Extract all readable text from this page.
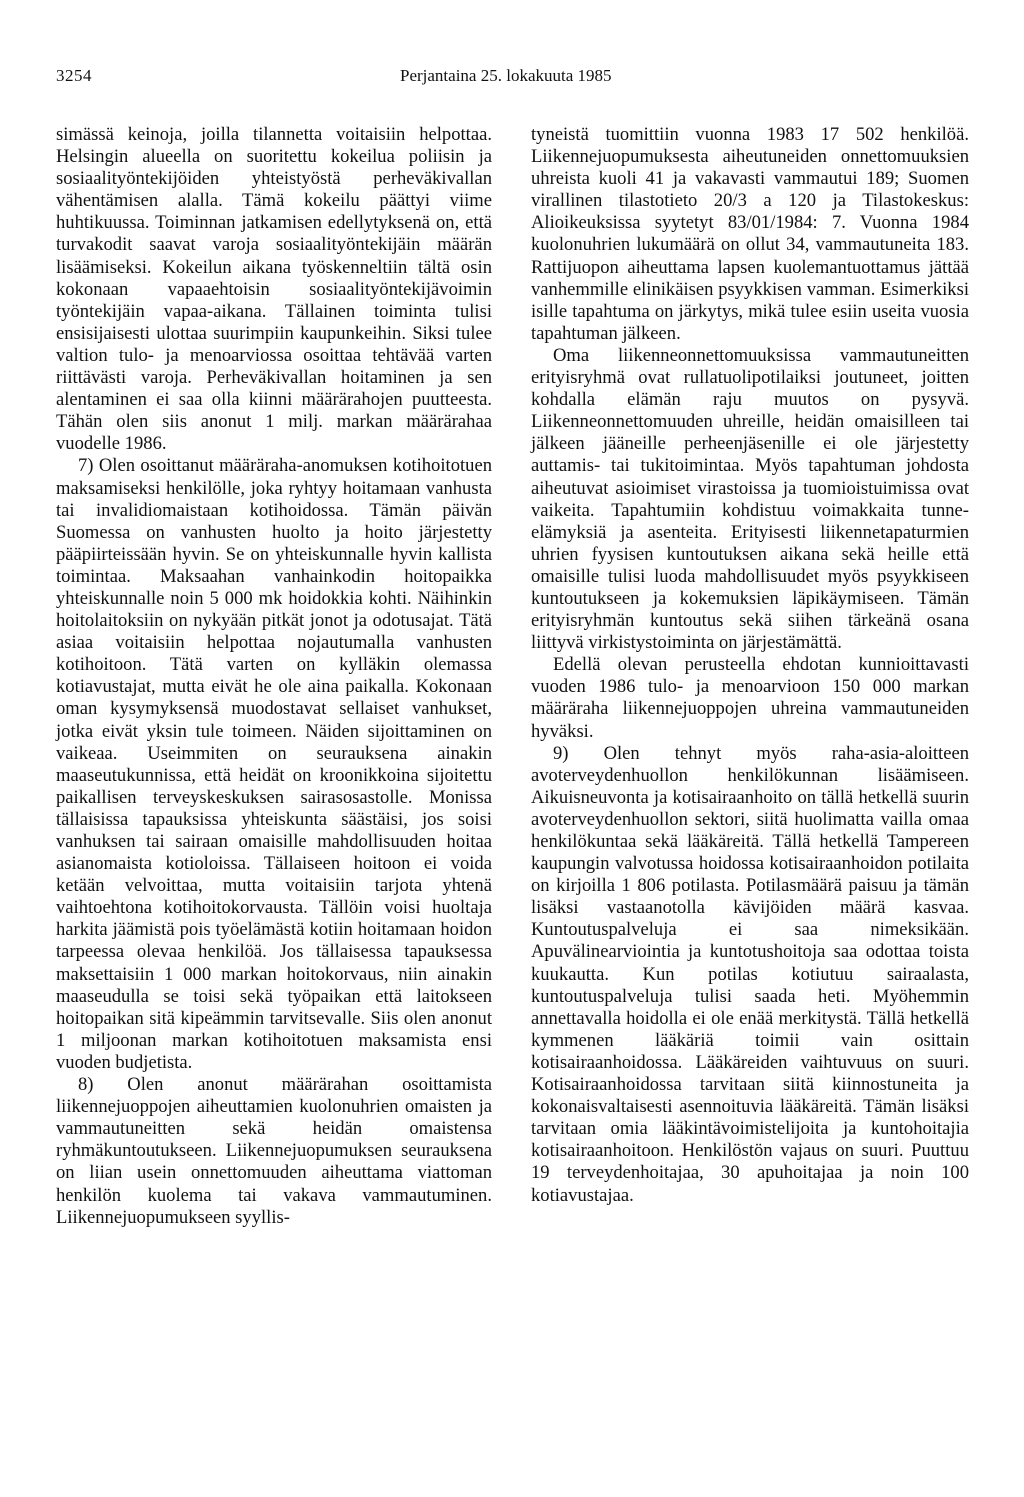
3254	Perjantaina 25. lokakuuta 1985

simässä keinoja, joilla tilannetta voitaisiin helpottaa. Helsingin alueella on suoritettu kokeilua poliisin ja sosiaalityöntekijöiden yhteistyöstä perheväkivallan vähentämisen alalla. Tämä kokeilu päättyi viime huhtikuussa. Toiminnan jatkamisen edellytyksenä on, että turvakodit saavat varoja sosiaalityöntekijäin määrän lisäämiseksi. Kokeilun aikana työskenneltiin tältä osin kokonaan vapaaehtoisin sosiaalityöntekijävoimin työntekijäin vapaa-aikana. Tällainen toiminta tulisi ensisijaisesti ulottaa suurimpiin kaupunkeihin. Siksi tulee valtion tulo- ja menoarviossa osoittaa tehtävää varten riittävästi varoja. Perheväkivallan hoitaminen ja sen alentaminen ei saa olla kiinni määrärahojen puutteesta. Tähän olen siis anonut 1 milj. markan määrärahaa vuodelle 1986.

7) Olen osoittanut määräraha-anomuksen kotihoitotuen maksamiseksi henkilölle, joka ryhtyy hoitamaan vanhusta tai invalidiomaistaan kotihoidossa. Tämän päivän Suomessa on vanhusten huolto ja hoito järjestetty pääpiirteissään hyvin. Se on yhteiskunnalle hyvin kallista toimintaa. Maksaahan vanhainkodin hoitopaikka yhteiskunnalle noin 5 000 mk hoidokkia kohti. Näihinkin hoitolaitoksiin on nykyään pitkät jonot ja odotusajat. Tätä asiaa voitaisiin helpottaa nojautumalla vanhusten kotihoitoon. Tätä varten on kylläkin olemassa kotiavustajat, mutta eivät he ole aina paikalla. Kokonaan oman kysymyksensä muodostavat sellaiset vanhukset, jotka eivät yksin tule toimeen. Näiden sijoittaminen on vaikeaa. Useimmiten on seurauksena ainakin maaseutukunnissa, että heidät on kroonikkoina sijoitettu paikallisen terveyskeskuksen sairasosastolle. Monissa tällaisissa tapauksissa yhteiskunta säästäisi, jos soisi vanhuksen tai sairaan omaisille mahdollisuuden hoitaa asianomaista kotioloissa. Tällaiseen hoitoon ei voida ketään velvoittaa, mutta voitaisiin tarjota yhtenä vaihtoehtona kotihoitokorvausta. Tällöin voisi huoltaja harkita jäämistä pois työelämästä kotiin hoitamaan hoidon tarpeessa olevaa henkilöä. Jos tällaisessa tapauksessa maksettaisiin 1 000 markan hoitokorvaus, niin ainakin maaseudulla se toisi sekä työpaikan että laitokseen hoitopaikan sitä kipeämmin tarvitsevalle. Siis olen anonut 1 miljoonan markan kotihoitotuen maksamista ensi vuoden budjetista.

8) Olen anonut määrärahan osoittamista liikennejuoppojen aiheuttamien kuolonuhrien omaisten ja vammautuneitten sekä heidän omaistensa ryhmäkuntoutukseen. Liikennejuopumuksen seurauksena on liian usein onnettomuuden aiheuttama viattoman henkilön kuolema tai vakava vammautuminen. Liikennejuopumukseen syyllis-

tyneistä tuomittiin vuonna 1983 17 502 henkilöä. Liikennejuopumuksesta aiheutuneiden onnettomuuksien uhreista kuoli 41 ja vakavasti vammautui 189; Suomen virallinen tilastotieto 20/3 a 120 ja Tilastokeskus: Alioikeuksissa syytetyt 83/01/1984: 7. Vuonna 1984 kuolonuhrien lukumäärä on ollut 34, vammautuneita 183. Rattijuopon aiheuttama lapsen kuolemantuottamus jättää vanhemmille elinikäisen psyykkisen vamman. Esimerkiksi isille tapahtuma on järkytys, mikä tulee esiin useita vuosia tapahtuman jälkeen.

Oma liikenneonnettomuuksissa vammautuneitten erityisryhmä ovat rullatuolipotilaiksi joutuneet, joitten kohdalla elämän raju muutos on pysyvä. Liikenneonnettomuuden uhreille, heidän omaisilleen tai jälkeen jääneille perheenjäsenille ei ole järjestetty auttamis- tai tukitoimintaa. Myös tapahtuman johdosta aiheutuvat asioimiset virastoissa ja tuomioistuimissa ovat vaikeita. Tapahtumiin kohdistuu voimakkaita tunne-elämyksiä ja asenteita. Erityisesti liikennetapaturmien uhrien fyysisen kuntoutuksen aikana sekä heille että omaisille tulisi luoda mahdollisuudet myös psyykkiseen kuntoutukseen ja kokemuksien läpikäymiseen. Tämän erityisryhmän kuntoutus sekä siihen tärkeänä osana liittyvä virkistystoiminta on järjestämättä.

Edellä olevan perusteella ehdotan kunnioittavasti vuoden 1986 tulo- ja menoarvioon 150 000 markan määräraha liikennejuoppojen uhreina vammautuneiden hyväksi.

9) Olen tehnyt myös raha-asia-aloitteen avoterveydenhuollon henkilökunnan lisäämiseen. Aikuisneuvonta ja kotisairaanhoito on tällä hetkellä suurin avoterveydenhuollon sektori, siitä huolimatta vailla omaa henkilökuntaa sekä lääkäreitä. Tällä hetkellä Tampereen kaupungin valvotussa hoidossa kotisairaanhoidon potilaita on kirjoilla 1 806 potilasta. Potilasmäärä paisuu ja tämän lisäksi vastaanotolla kävijöiden määrä kasvaa. Kuntoutuspalveluja ei saa nimeksikään. Apuvälinearviointia ja kuntotushoitoja saa odottaa toista kuukautta. Kun potilas kotiutuu sairaalasta, kuntoutuspalveluja tulisi saada heti. Myöhemmin annettavalla hoidolla ei ole enää merkitystä. Tällä hetkellä kymmenen lääkäriä toimii vain osittain kotisairaanhoidossa. Lääkäreiden vaihtuvuus on suuri. Kotisairaanhoidossa tarvitaan siitä kiinnostuneita ja kokonaisvaltaisesti asennoituvia lääkäreitä. Tämän lisäksi tarvitaan omia lääkintävoimistelijoita ja kuntohoitajia kotisairaanhoitoon. Henkilöstön vajaus on suuri. Puuttuu 19 terveydenhoitajaa, 30 apuhoitajaa ja noin 100 kotiavustajaa.
